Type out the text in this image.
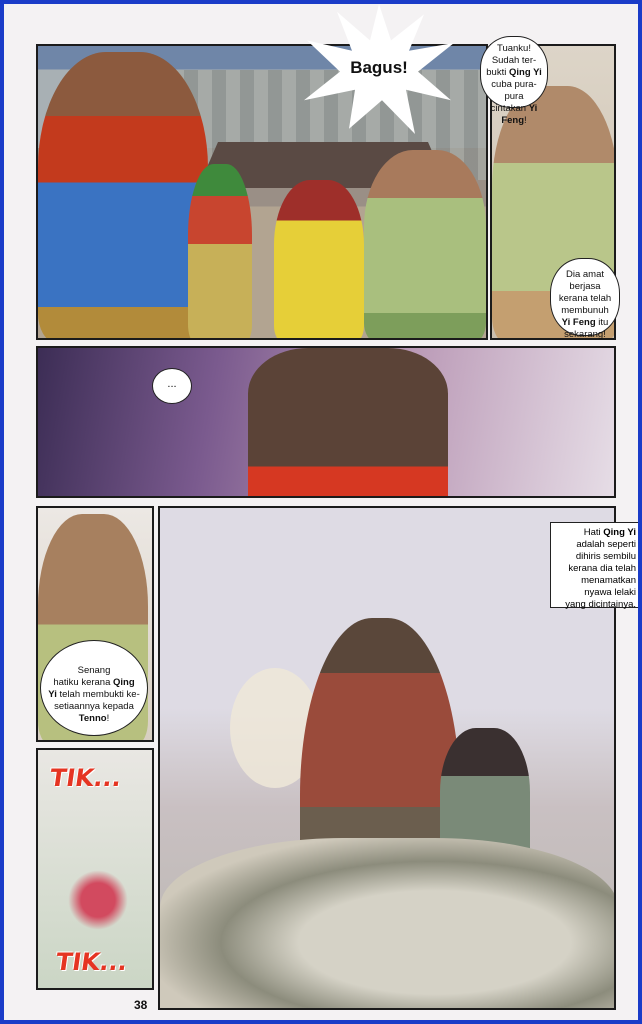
Bagus!
Tuanku!
Sudah ter-
bukti Qing Yi
cuba pura-pura
cintakan Yi
Feng!
Dia amat
berjasa
kerana telah
membunuh
Yi Feng itu
sekarang!
...
Senang
hatiku kerana Qing
Yi telah membukti ke-
setiaannya kepada
Tenno!
Hati Qing Yi
adalah seperti
dihiris sembilu
kerana dia telah
menamatkan
nyawa lelaki
yang dicintainya.
TIK...
TIK...
38
